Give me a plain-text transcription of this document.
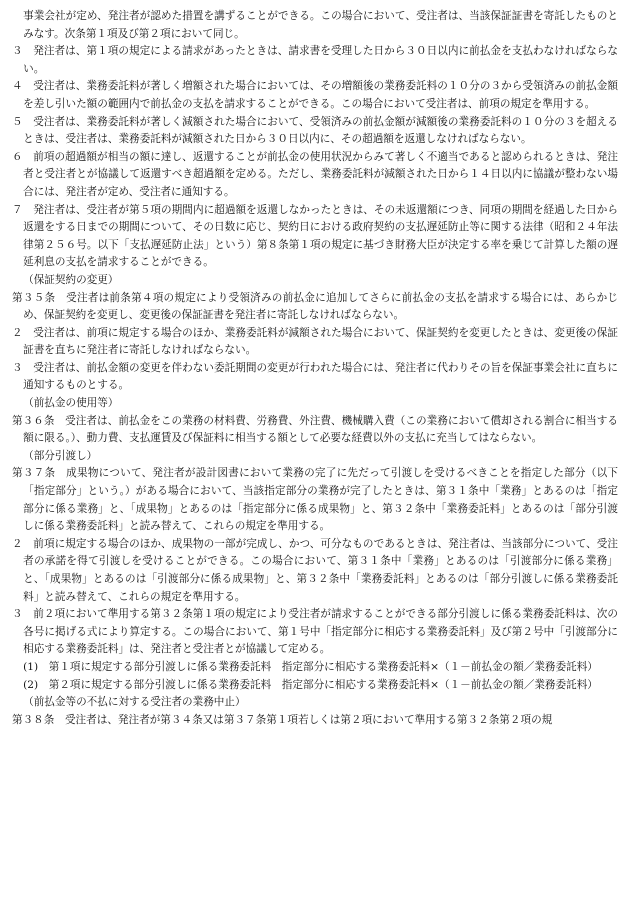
事業会社が定め、発注者が認めた措置を講ずることができる。この場合において、受注者は、当該保証証書を寄託したものとみなす。次条第１項及び第２項において同じ。

３　発注者は、第１項の規定による請求があったときは、請求書を受理した日から３０日以内に前払金を支払わなければならない。

４　受注者は、業務委託料が著しく増額された場合においては、その増額後の業務委託料の１０分の３から受領済みの前払金額を差し引いた額の範囲内で前払金の支払を請求することができる。この場合において受注者は、前項の規定を準用する。

５　受注者は、業務委託料が著しく減額された場合において、受領済みの前払金額が減額後の業務委託料の１０分の３を超えるときは、受注者は、業務委託料が減額された日から３０日以内に、その超過額を返還しなければならない。

６　前項の超過額が相当の額に達し、返還することが前払金の使用状況からみて著しく不適当であると認められるときは、発注者と受注者とが協議して返還すべき超過額を定める。ただし、業務委託料が減額された日から１４日以内に協議が整わない場合には、発注者が定め、受注者に通知する。

７　発注者は、受注者が第５項の期間内に超過額を返還しなかったときは、その未返還額につき、同項の期間を経過した日から返還をする日までの期間について、その日数に応じ、契約日における政府契約の支払遅延防止等に関する法律（昭和２４年法律第２５６号。以下「支払遅延防止法」という）第８条第１項の規定に基づき財務大臣が決定する率を乗じて計算した額の遅延利息の支払を請求することができる。

（保証契約の変更）

第３５条　受注者は前条第４項の規定により受領済みの前払金に追加してさらに前払金の支払を請求する場合には、あらかじめ、保証契約を変更し、変更後の保証証書を発注者に寄託しなければならない。

２　受注者は、前項に規定する場合のほか、業務委託料が減額された場合において、保証契約を変更したときは、変更後の保証証書を直ちに発注者に寄託しなければならない。

３　受注者は、前払金額の変更を伴わない委託期間の変更が行われた場合には、発注者に代わりその旨を保証事業会社に直ちに通知するものとする。

（前払金の使用等）

第３６条　受注者は、前払金をこの業務の材料費、労務費、外注費、機械購入費（この業務において償却される割合に相当する額に限る。）、動力費、支払運賃及び保証料に相当する額として必要な経費以外の支払に充当してはならない。

（部分引渡し）

第３７条　成果物について、発注者が設計図書において業務の完了に先だって引渡しを受けるべきことを指定した部分（以下「指定部分」という。）がある場合において、当該指定部分の業務が完了したときは、第３１条中「業務」とあるのは「指定部分に係る業務」と、「成果物」とあるのは「指定部分に係る成果物」と、第３２条中「業務委託料」とあるのは「部分引渡しに係る業務委託料」と読み替えて、これらの規定を準用する。

２　前項に規定する場合のほか、成果物の一部が完成し、かつ、可分なものであるときは、発注者は、当該部分について、受注者の承諾を得て引渡しを受けることができる。この場合において、第３１条中「業務」とあるのは「引渡部分に係る業務」と、「成果物」とあるのは「引渡部分に係る成果物」と、第３２条中「業務委託料」とあるのは「部分引渡しに係る業務委託料」と読み替えて、これらの規定を準用する。

３　前２項において準用する第３２条第１項の規定により受注者が請求することができる部分引渡しに係る業務委託料は、次の各号に掲げる式により算定する。この場合において、第１号中「指定部分に相応する業務委託料」及び第２号中「引渡部分に相応する業務委託料」は、発注者と受注者とが協議して定める。

(1)　第１項に規定する部分引渡しに係る業務委託料　指定部分に相応する業務委託料×（１－前払金の額／業務委託料）

(2)　第２項に規定する部分引渡しに係る業務委託料　指定部分に相応する業務委託料×（１－前払金の額／業務委託料）

（前払金等の不払に対する受注者の業務中止）

第３８条　受注者は、発注者が第３４条又は第３７条第１項若しくは第２項において準用する第３２条第２項の規
